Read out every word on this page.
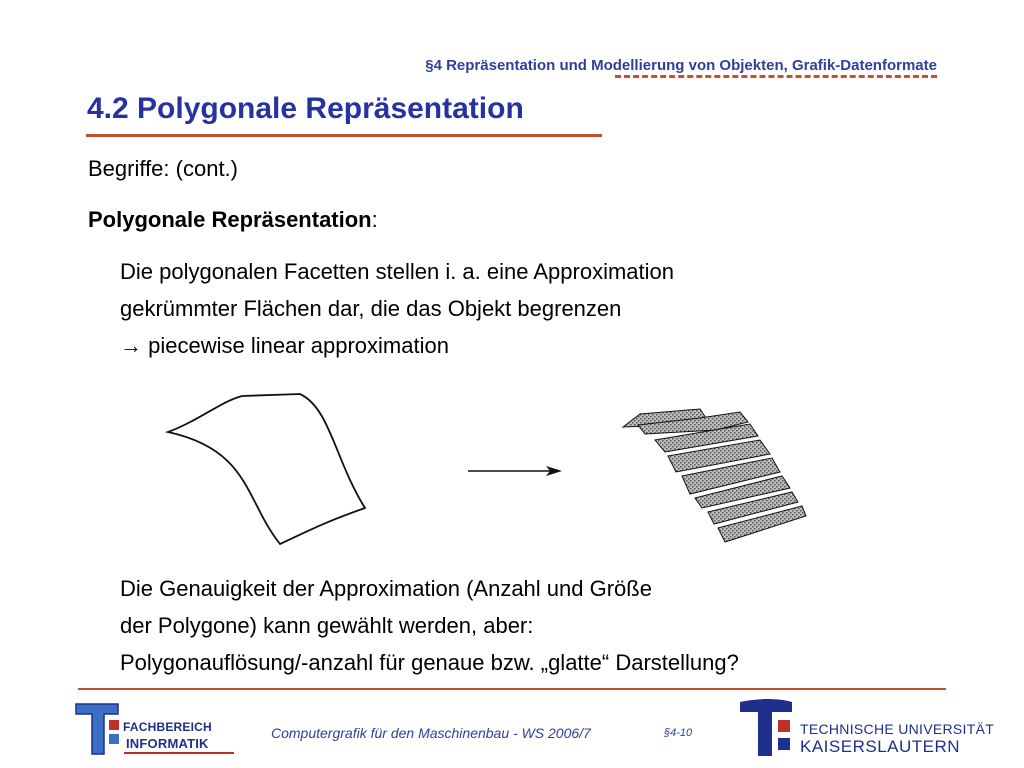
§4 Repräsentation und Modellierung von Objekten, Grafik-Datenformate
4.2 Polygonale Repräsentation
Begriffe: (cont.)
Polygonale Repräsentation:
Die polygonalen Facetten stellen i. a. eine Approximation
gekrümmter Flächen dar, die das Objekt begrenzen
→ piecewise linear approximation
Die Genauigkeit der Approximation (Anzahl und Größe
der Polygone) kann gewählt werden, aber:
Polygonauflösung/-anzahl für genaue bzw. „glatte“ Darstellung?
FACHBEREICH
INFORMATIK
Computergrafik für den Maschinenbau - WS 2006/7	§4-10	TECHNISCHE UNIVERSITÄT
KAISERSLAUTERN
